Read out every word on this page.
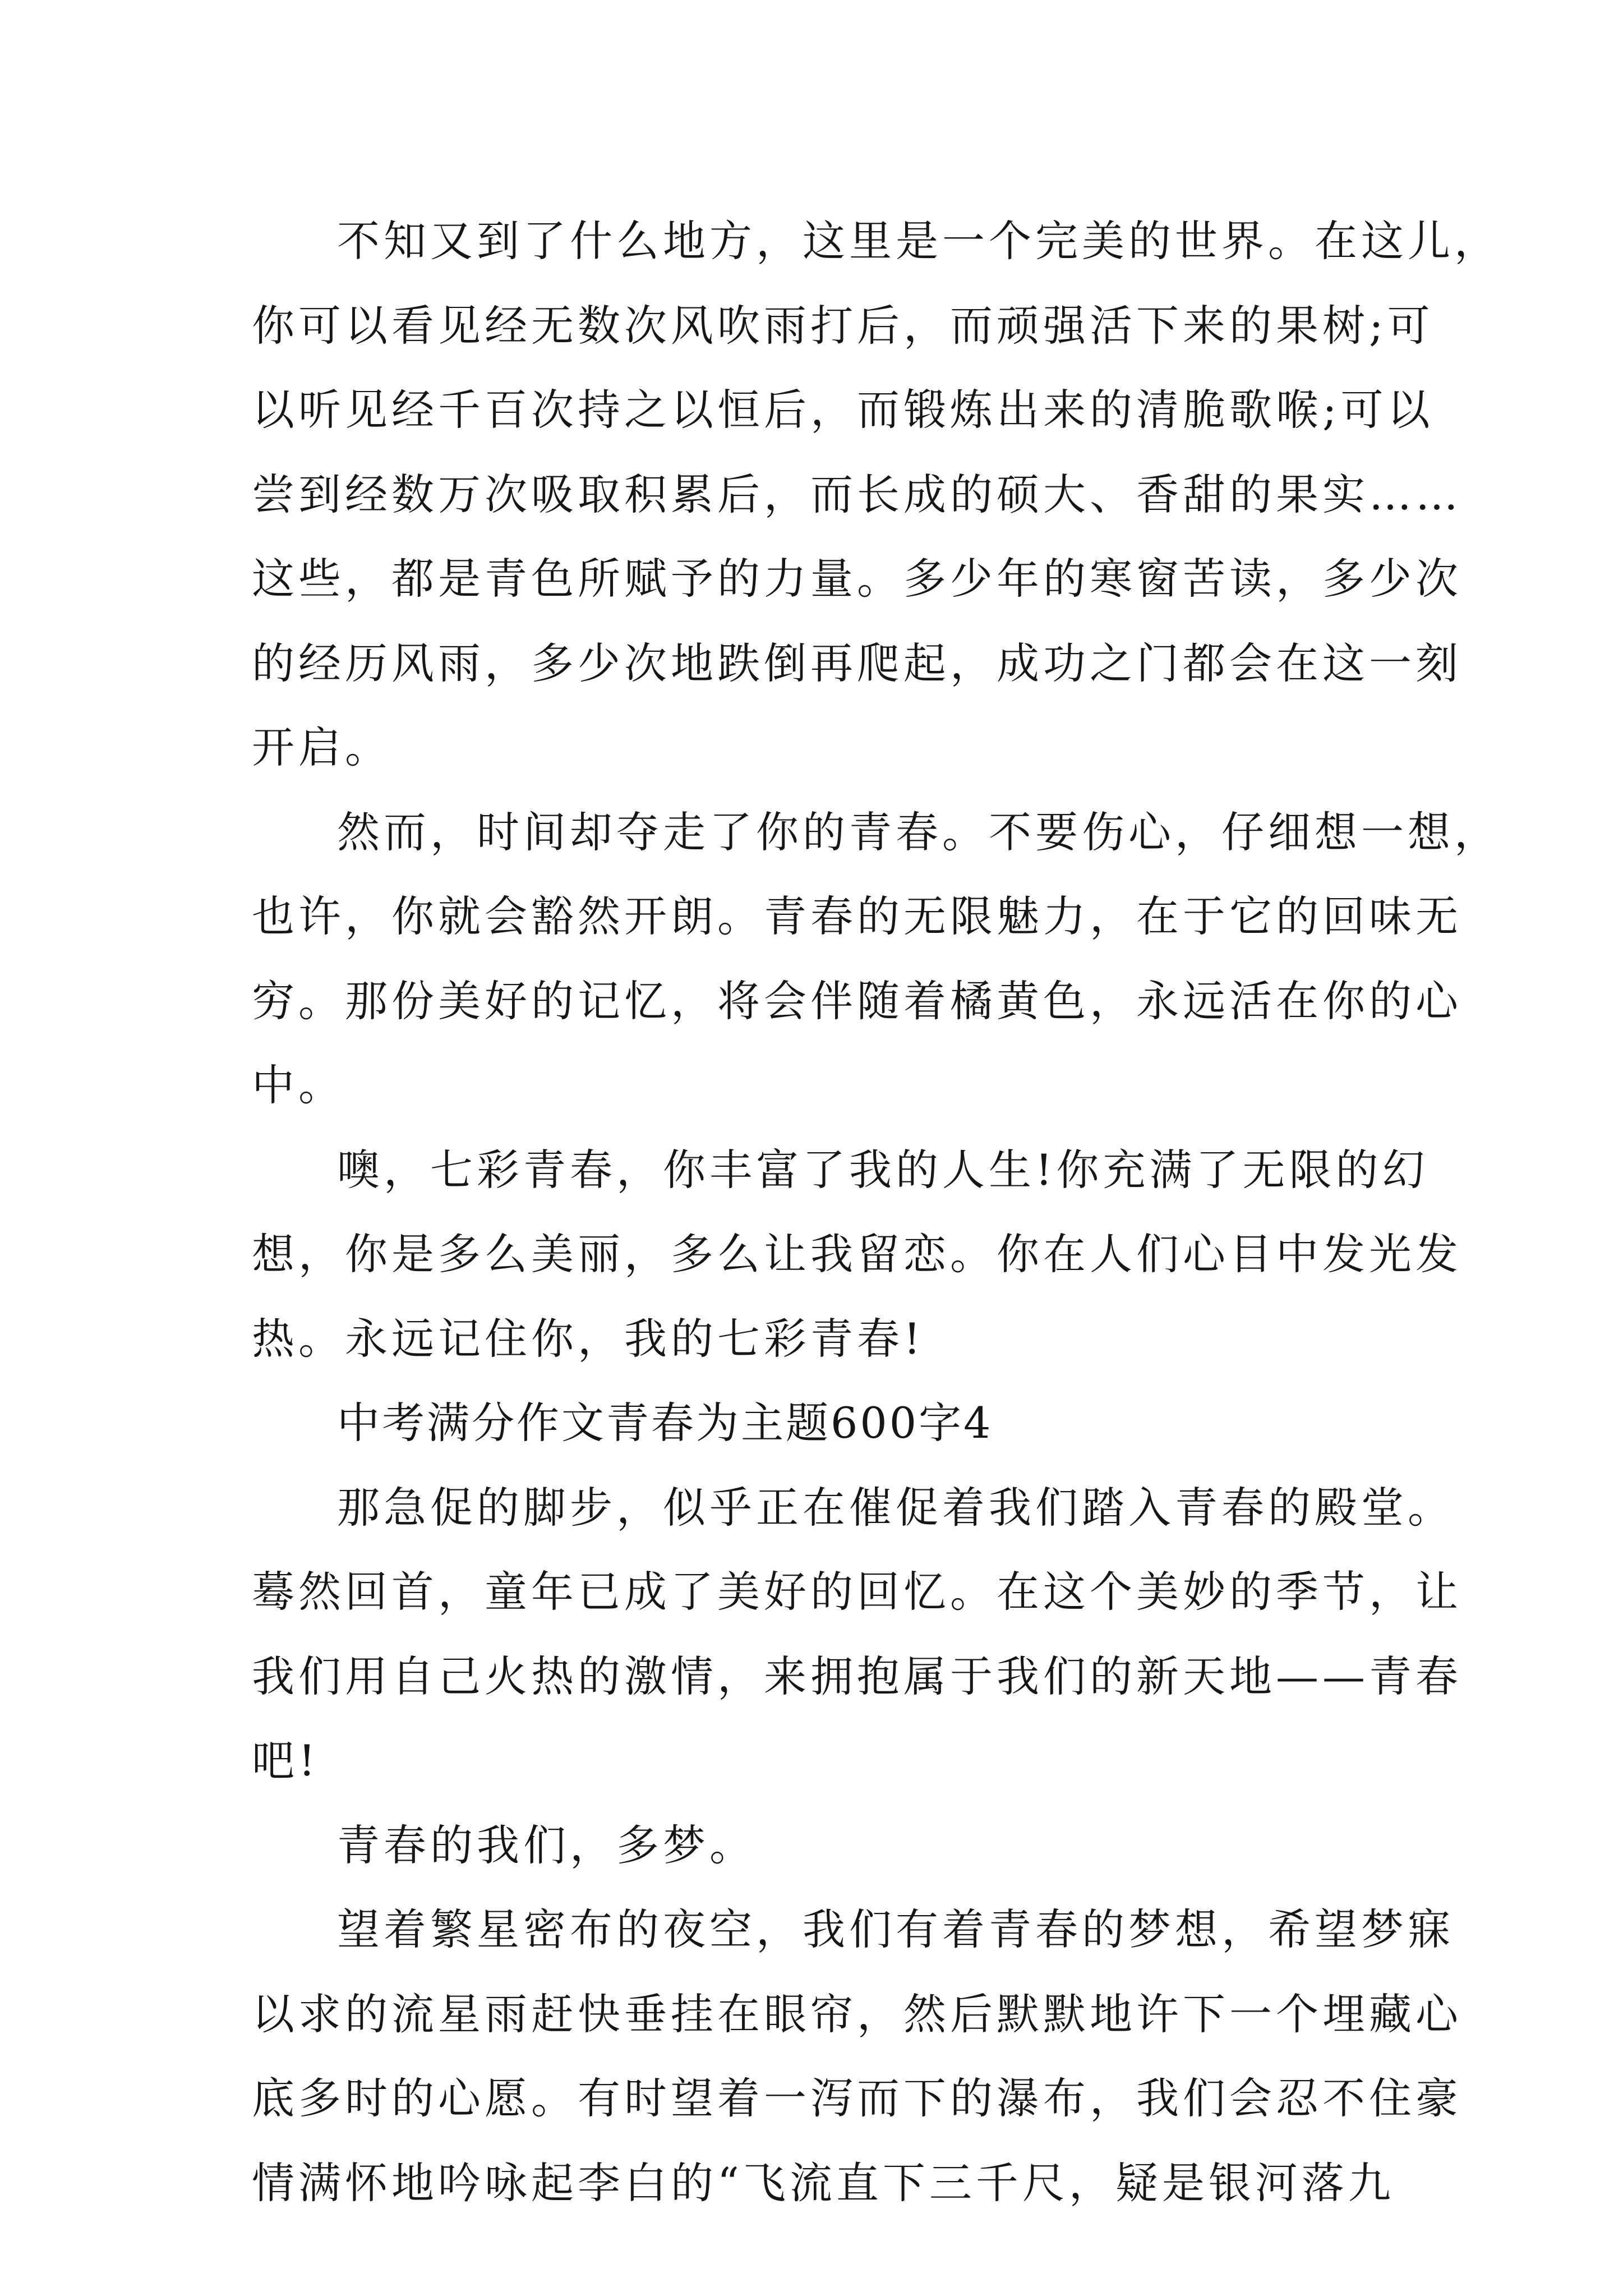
不知又到了什么地方，这里是一个完美的世界。在这儿，
你可以看见经无数次风吹雨打后，而顽强活下来的果树;可
以听见经千百次持之以恒后，而锻炼出来的清脆歌喉;可以
尝到经数万次吸取积累后，而长成的硕大、香甜的果实……
这些，都是青色所赋予的力量。多少年的寒窗苦读，多少次
的经历风雨，多少次地跌倒再爬起，成功之门都会在这一刻
开启。
然而，时间却夺走了你的青春。不要伤心，仔细想一想，
也许，你就会豁然开朗。青春的无限魅力，在于它的回味无
穷。那份美好的记忆，将会伴随着橘黄色，永远活在你的心
中。
噢，七彩青春，你丰富了我的人生!你充满了无限的幻
想，你是多么美丽，多么让我留恋。你在人们心目中发光发
热。永远记住你，我的七彩青春!
中考满分作文青春为主题600字4
那急促的脚步，似乎正在催促着我们踏入青春的殿堂。
蓦然回首，童年已成了美好的回忆。在这个美妙的季节，让
我们用自己火热的激情，来拥抱属于我们的新天地——青春
吧!
青春的我们，多梦。
望着繁星密布的夜空，我们有着青春的梦想，希望梦寐
以求的流星雨赶快垂挂在眼帘，然后默默地许下一个埋藏心
底多时的心愿。有时望着一泻而下的瀑布，我们会忍不住豪
情满怀地吟咏起李白的“飞流直下三千尺，疑是银河落九
